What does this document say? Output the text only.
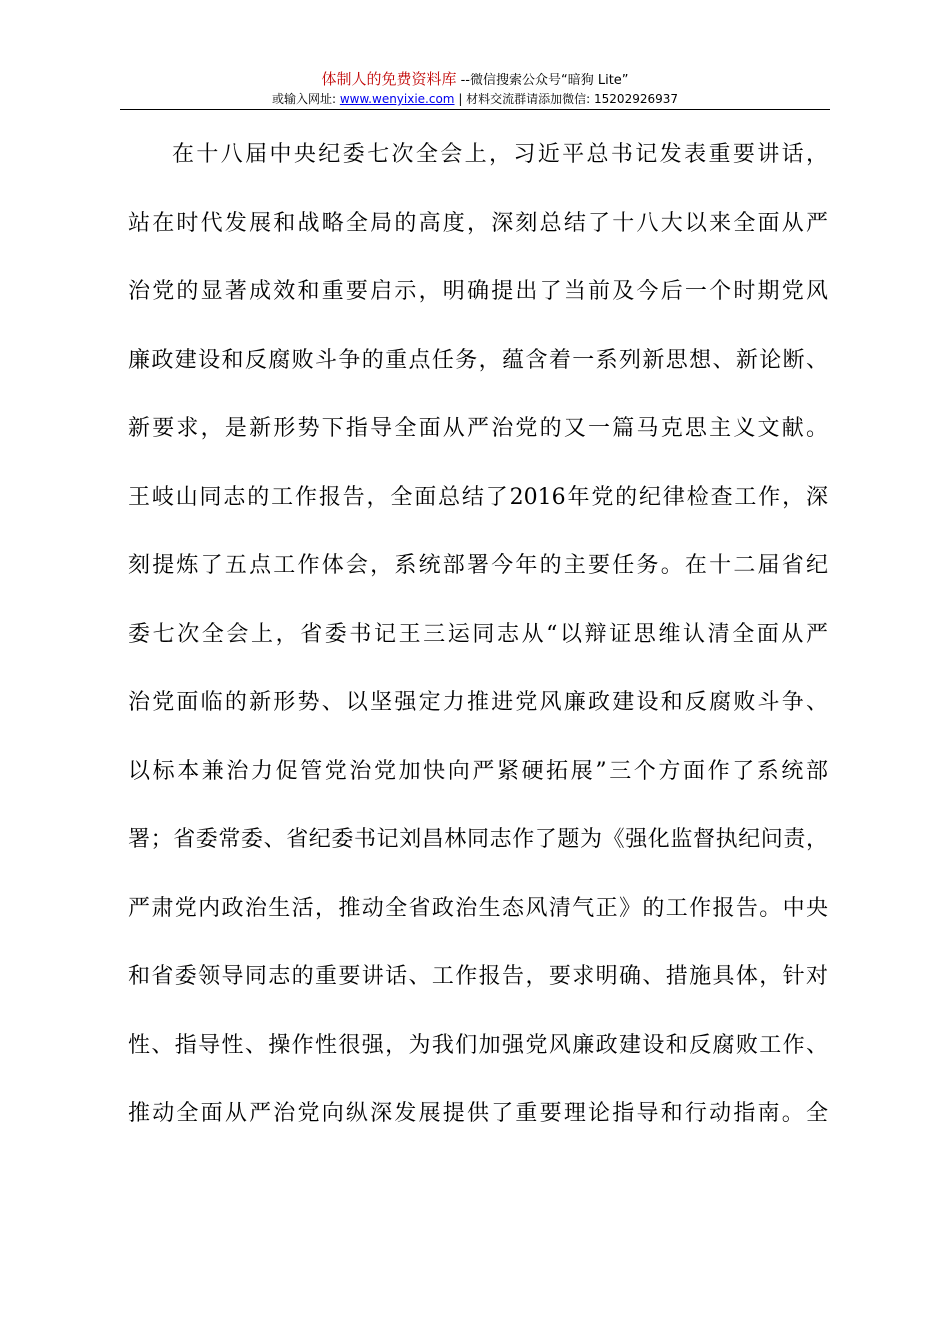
体制人的免费资料库 --微信搜索公众号“暗狗 Lite”
或输入网址: www.wenyixie.com | 材料交流群请添加微信: 15202926937
在十八届中央纪委七次全会上，习近平总书记发表重要讲话，
站在时代发展和战略全局的高度，深刻总结了十八大以来全面从严
治党的显著成效和重要启示，明确提出了当前及今后一个时期党风
廉政建设和反腐败斗争的重点任务，蕴含着一系列新思想、新论断、
新要求，是新形势下指导全面从严治党的又一篇马克思主义文献。
王岐山同志的工作报告，全面总结了2016年党的纪律检查工作，深
刻提炼了五点工作体会，系统部署今年的主要任务。在十二届省纪
委七次全会上，省委书记王三运同志从“以辩证思维认清全面从严
治党面临的新形势、以坚强定力推进党风廉政建设和反腐败斗争、
以标本兼治力促管党治党加快向严紧硬拓展”三个方面作了系统部
署；省委常委、省纪委书记刘昌林同志作了题为《强化监督执纪问责，
严肃党内政治生活，推动全省政治生态风清气正》的工作报告。中央
和省委领导同志的重要讲话、工作报告，要求明确、措施具体，针对
性、指导性、操作性很强，为我们加强党风廉政建设和反腐败工作、
推动全面从严治党向纵深发展提供了重要理论指导和行动指南。全
